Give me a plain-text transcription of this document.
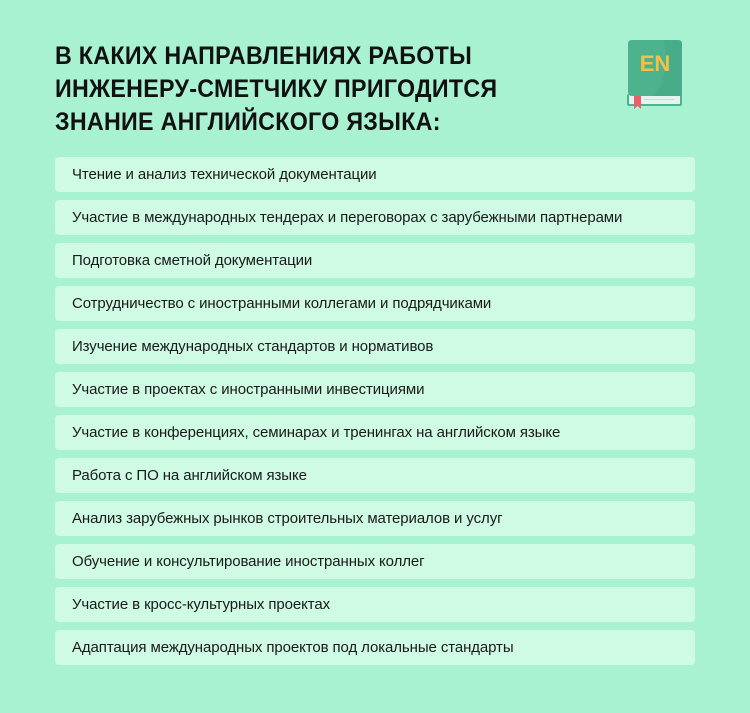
В КАКИХ НАПРАВЛЕНИЯХ РАБОТЫ
ИНЖЕНЕРУ-СМЕТЧИКУ ПРИГОДИТСЯ
ЗНАНИЕ АНГЛИЙСКОГО ЯЗЫКА:
EN
Чтение и анализ технической документации
Участие в международных тендерах и переговорах с зарубежными партнерами
Подготовка сметной документации
Сотрудничество с иностранными коллегами и подрядчиками
Изучение международных стандартов и нормативов
Участие в проектах с иностранными инвестициями
Участие в конференциях, семинарах и тренингах на английском языке
Работа с ПО на английском языке
Анализ зарубежных рынков строительных материалов и услуг
Обучение и консультирование иностранных коллег
Участие в кросс-культурных проектах
Адаптация международных проектов под локальные стандарты
